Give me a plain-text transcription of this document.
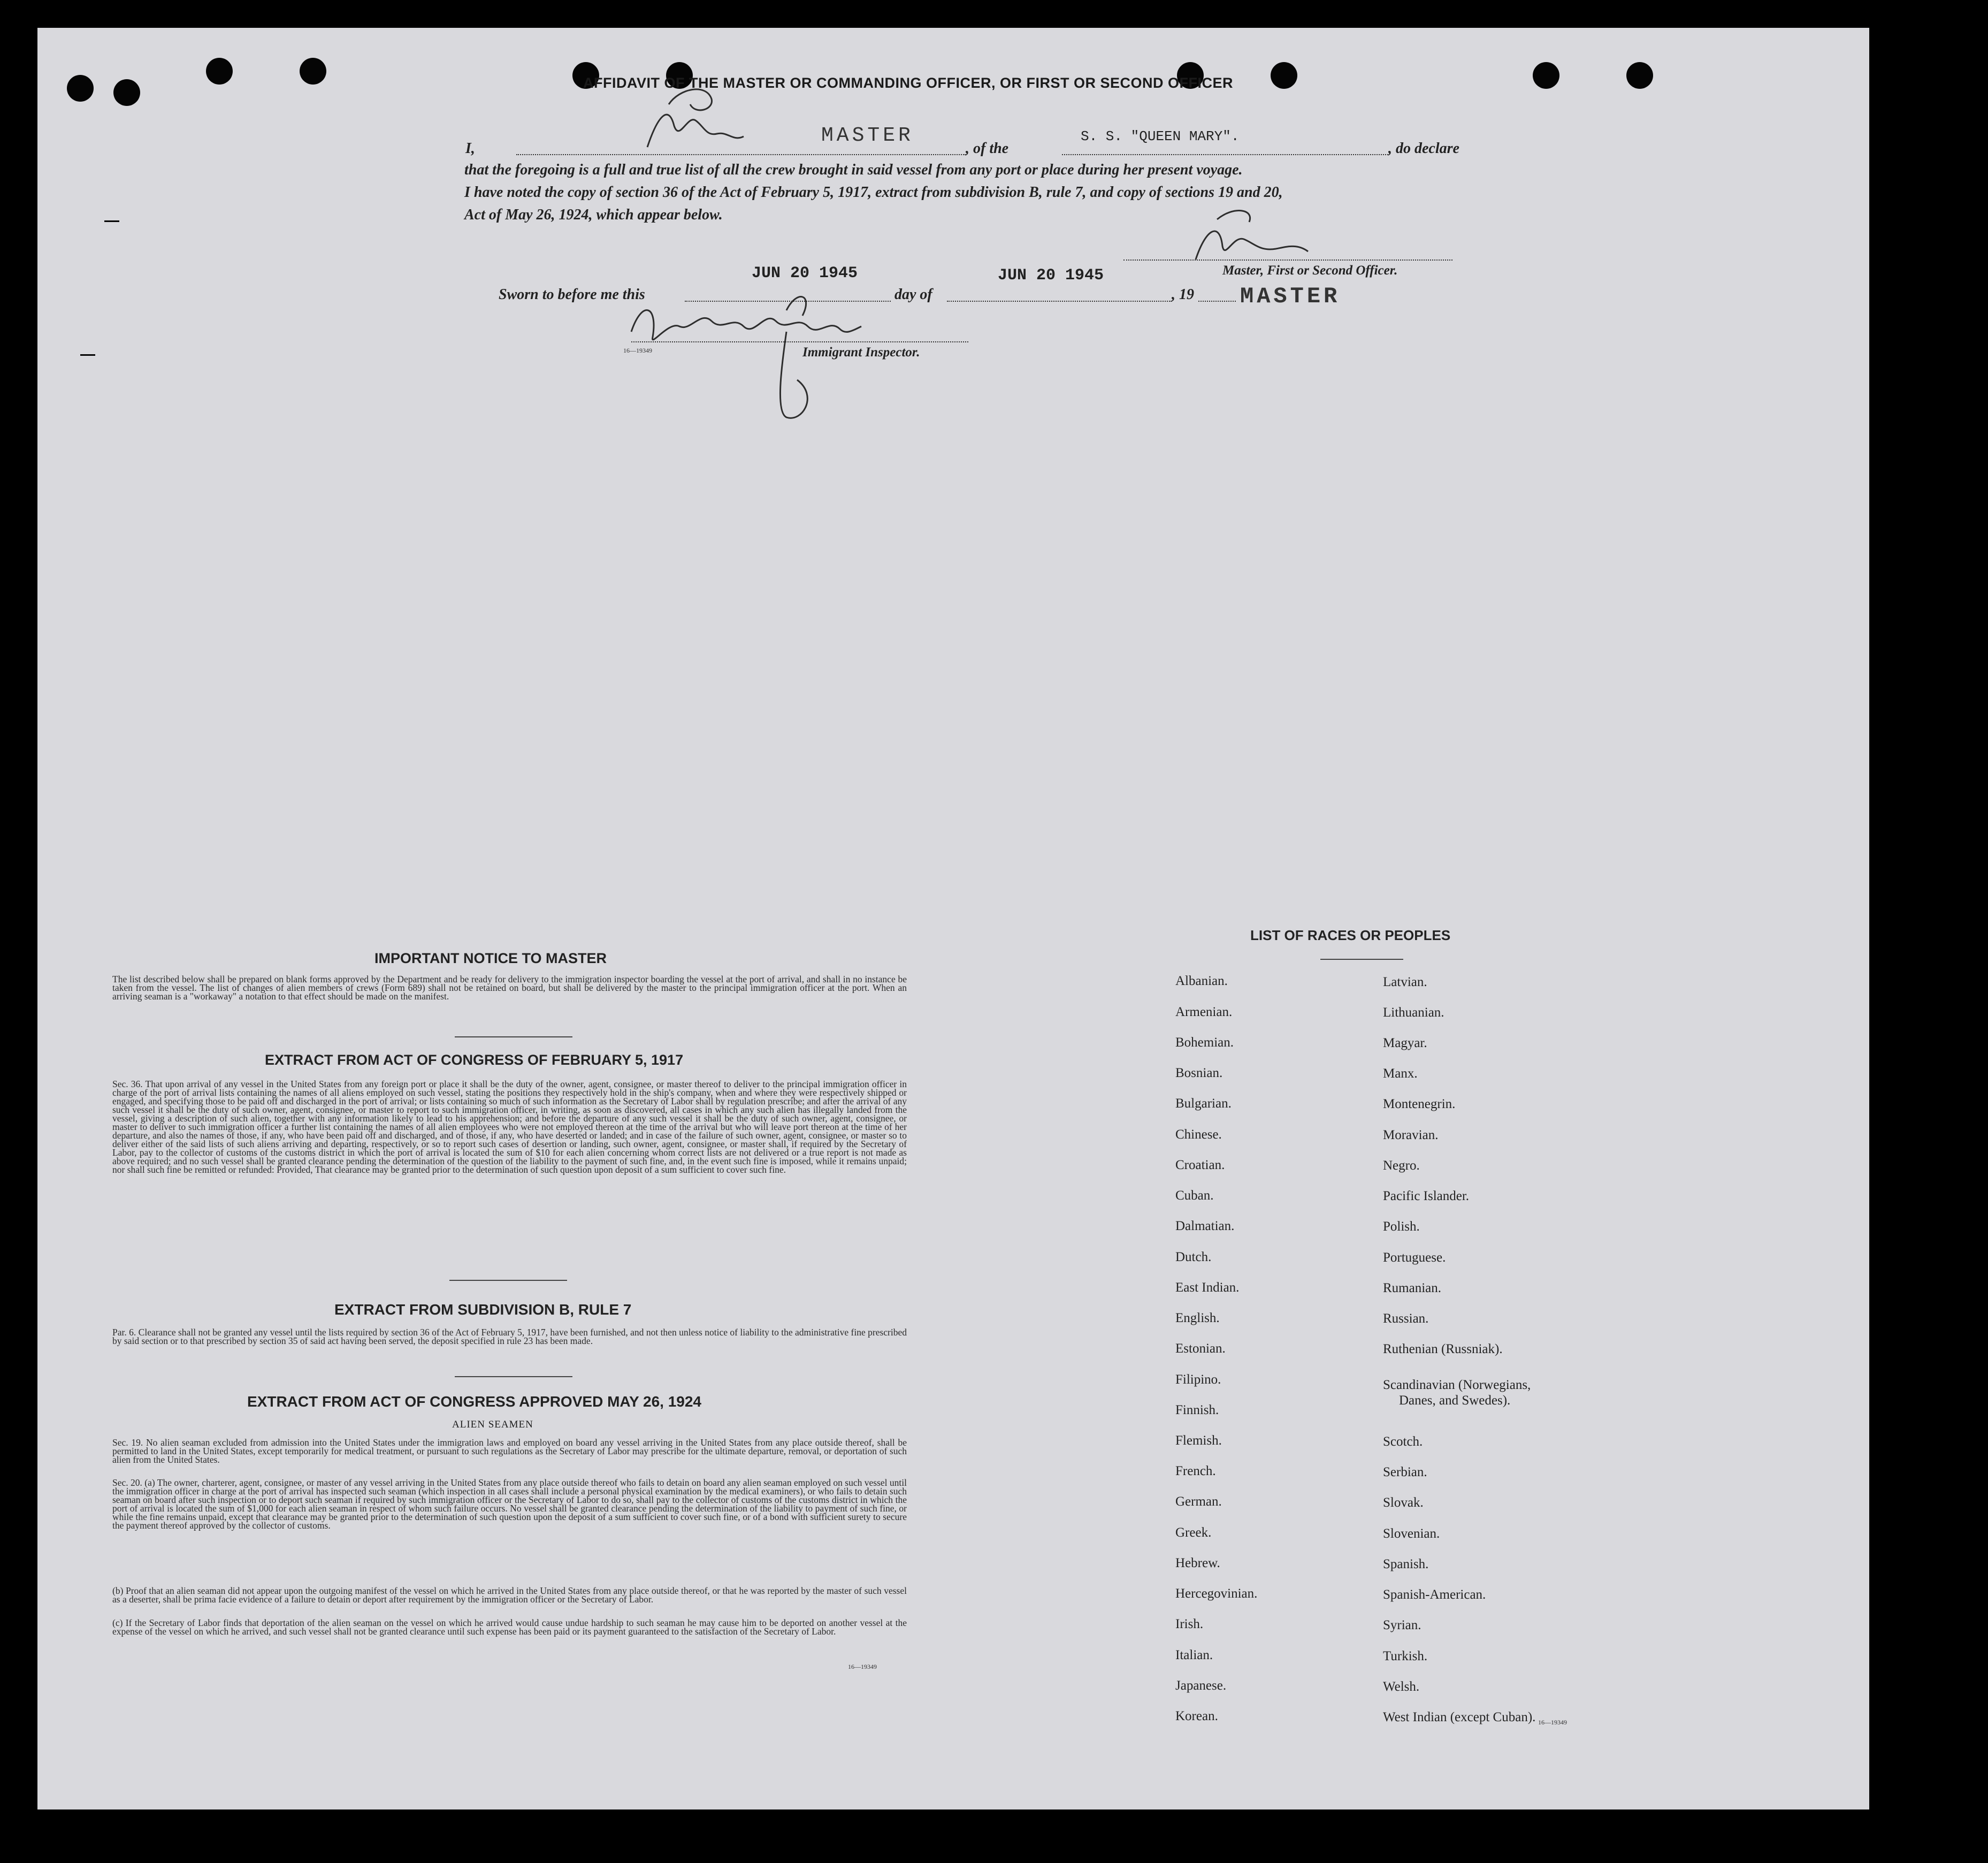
AFFIDAVIT OF THE MASTER OR COMMANDING OFFICER, OR FIRST OR SECOND OFFICER
I,
MASTER
, of the
S. S. "QUEEN MARY".
, do declare
that the foregoing is a full and true list of all the crew brought in said vessel from any port or place during her present voyage.
I have noted the copy of section 36 of the Act of February 5, 1917, extract from subdivision B, rule 7, and copy of sections 19 and 20,
Act of May 26, 1924, which appear below.
Master, First or Second Officer.
JUN 20 1945	JUN 20 1945
Sworn to before me this	day of	, 19 MASTER
16—19349	Immigrant Inspector.
IMPORTANT NOTICE TO MASTER
The list described below shall be prepared on blank forms approved by the Department and be ready for delivery to the immigration inspector boarding the vessel at the port of arrival, and shall in no instance be taken from the vessel. The list of changes of alien members of crews (Form 689) shall not be retained on board, but shall be delivered by the master to the principal immigration officer at the port. When an arriving seaman is a "workaway" a notation to that effect should be made on the manifest.
EXTRACT FROM ACT OF CONGRESS OF FEBRUARY 5, 1917
Sec. 36. That upon arrival of any vessel in the United States from any foreign port or place it shall be the duty of the owner, agent, consignee, or master thereof to deliver to the principal immigration officer in charge of the port of arrival lists containing the names of all aliens employed on such vessel, stating the positions they respectively hold in the ship's company, when and where they were respectively shipped or engaged, and specifying those to be paid off and discharged in the port of arrival; or lists containing so much of such information as the Secretary of Labor shall by regulation prescribe; and after the arrival of any such vessel it shall be the duty of such owner, agent, consignee, or master to report to such immigration officer, in writing, as soon as discovered, all cases in which any such alien has illegally landed from the vessel, giving a description of such alien, together with any information likely to lead to his apprehension; and before the departure of any such vessel it shall be the duty of such owner, agent, consignee, or master to deliver to such immigration officer a further list containing the names of all alien employees who were not employed thereon at the time of the arrival but who will leave port thereon at the time of her departure, and also the names of those, if any, who have been paid off and discharged, and of those, if any, who have deserted or landed; and in case of the failure of such owner, agent, consignee, or master so to deliver either of the said lists of such aliens arriving and departing, respectively, or so to report such cases of desertion or landing, such owner, agent, consignee, or master shall, if required by the Secretary of Labor, pay to the collector of customs of the customs district in which the port of arrival is located the sum of $10 for each alien concerning whom correct lists are not delivered or a true report is not made as above required; and no such vessel shall be granted clearance pending the determination of the question of the liability to the payment of such fine, and, in the event such fine is imposed, while it remains unpaid; nor shall such fine be remitted or refunded: Provided, That clearance may be granted prior to the determination of such question upon deposit of a sum sufficient to cover such fine.
EXTRACT FROM SUBDIVISION B, RULE 7
Par. 6. Clearance shall not be granted any vessel until the lists required by section 36 of the Act of February 5, 1917, have been furnished, and not then unless notice of liability to the administrative fine prescribed by said section or to that prescribed by section 35 of said act having been served, the deposit specified in rule 23 has been made.
EXTRACT FROM ACT OF CONGRESS APPROVED MAY 26, 1924
ALIEN SEAMEN
Sec. 19. No alien seaman excluded from admission into the United States under the immigration laws and employed on board any vessel arriving in the United States from any place outside thereof, shall be permitted to land in the United States, except temporarily for medical treatment, or pursuant to such regulations as the Secretary of Labor may prescribe for the ultimate departure, removal, or deportation of such alien from the United States.
Sec. 20. (a) The owner, charterer, agent, consignee, or master of any vessel arriving in the United States from any place outside thereof who fails to detain on board any alien seaman employed on such vessel until the immigration officer in charge at the port of arrival has inspected such seaman (which inspection in all cases shall include a personal physical examination by the medical examiners), or who fails to detain such seaman on board after such inspection or to deport such seaman if required by such immigration officer or the Secretary of Labor to do so, shall pay to the collector of customs of the customs district in which the port of arrival is located the sum of $1,000 for each alien seaman in respect of whom such failure occurs. No vessel shall be granted clearance pending the determination of the liability to payment of such fine, or while the fine remains unpaid, except that clearance may be granted prior to the determination of such question upon the deposit of a sum sufficient to cover such fine, or of a bond with sufficient surety to secure the payment thereof approved by the collector of customs.
(b) Proof that an alien seaman did not appear upon the outgoing manifest of the vessel on which he arrived in the United States from any place outside thereof, or that he was reported by the master of such vessel as a deserter, shall be prima facie evidence of a failure to detain or deport after requirement by the immigration officer or the Secretary of Labor.
(c) If the Secretary of Labor finds that deportation of the alien seaman on the vessel on which he arrived would cause undue hardship to such seaman he may cause him to be deported on another vessel at the expense of the vessel on which he arrived, and such vessel shall not be granted clearance until such expense has been paid or its payment guaranteed to the satisfaction of the Secretary of Labor.
16—19349
LIST OF RACES OR PEOPLES
Albanian.
Armenian.
Bohemian.
Bosnian.
Bulgarian.
Chinese.
Croatian.
Cuban.
Dalmatian.
Dutch.
East Indian.
English.
Estonian.
Filipino.
Finnish.
Flemish.
French.
German.
Greek.
Hebrew.
Hercegovinian.
Irish.
Italian.
Japanese.
Korean.
Latvian.
Lithuanian.
Magyar.
Manx.
Montenegrin.
Moravian.
Negro.
Pacific Islander.
Polish.
Portuguese.
Rumanian.
Russian.
Ruthenian (Russniak).
Scandinavian (Norwegians,
Danes, and Swedes).
Scotch.
Serbian.
Slovak.
Slovenian.
Spanish.
Spanish-American.
Syrian.
Turkish.
Welsh.
West Indian (except Cuban). 16—19349
